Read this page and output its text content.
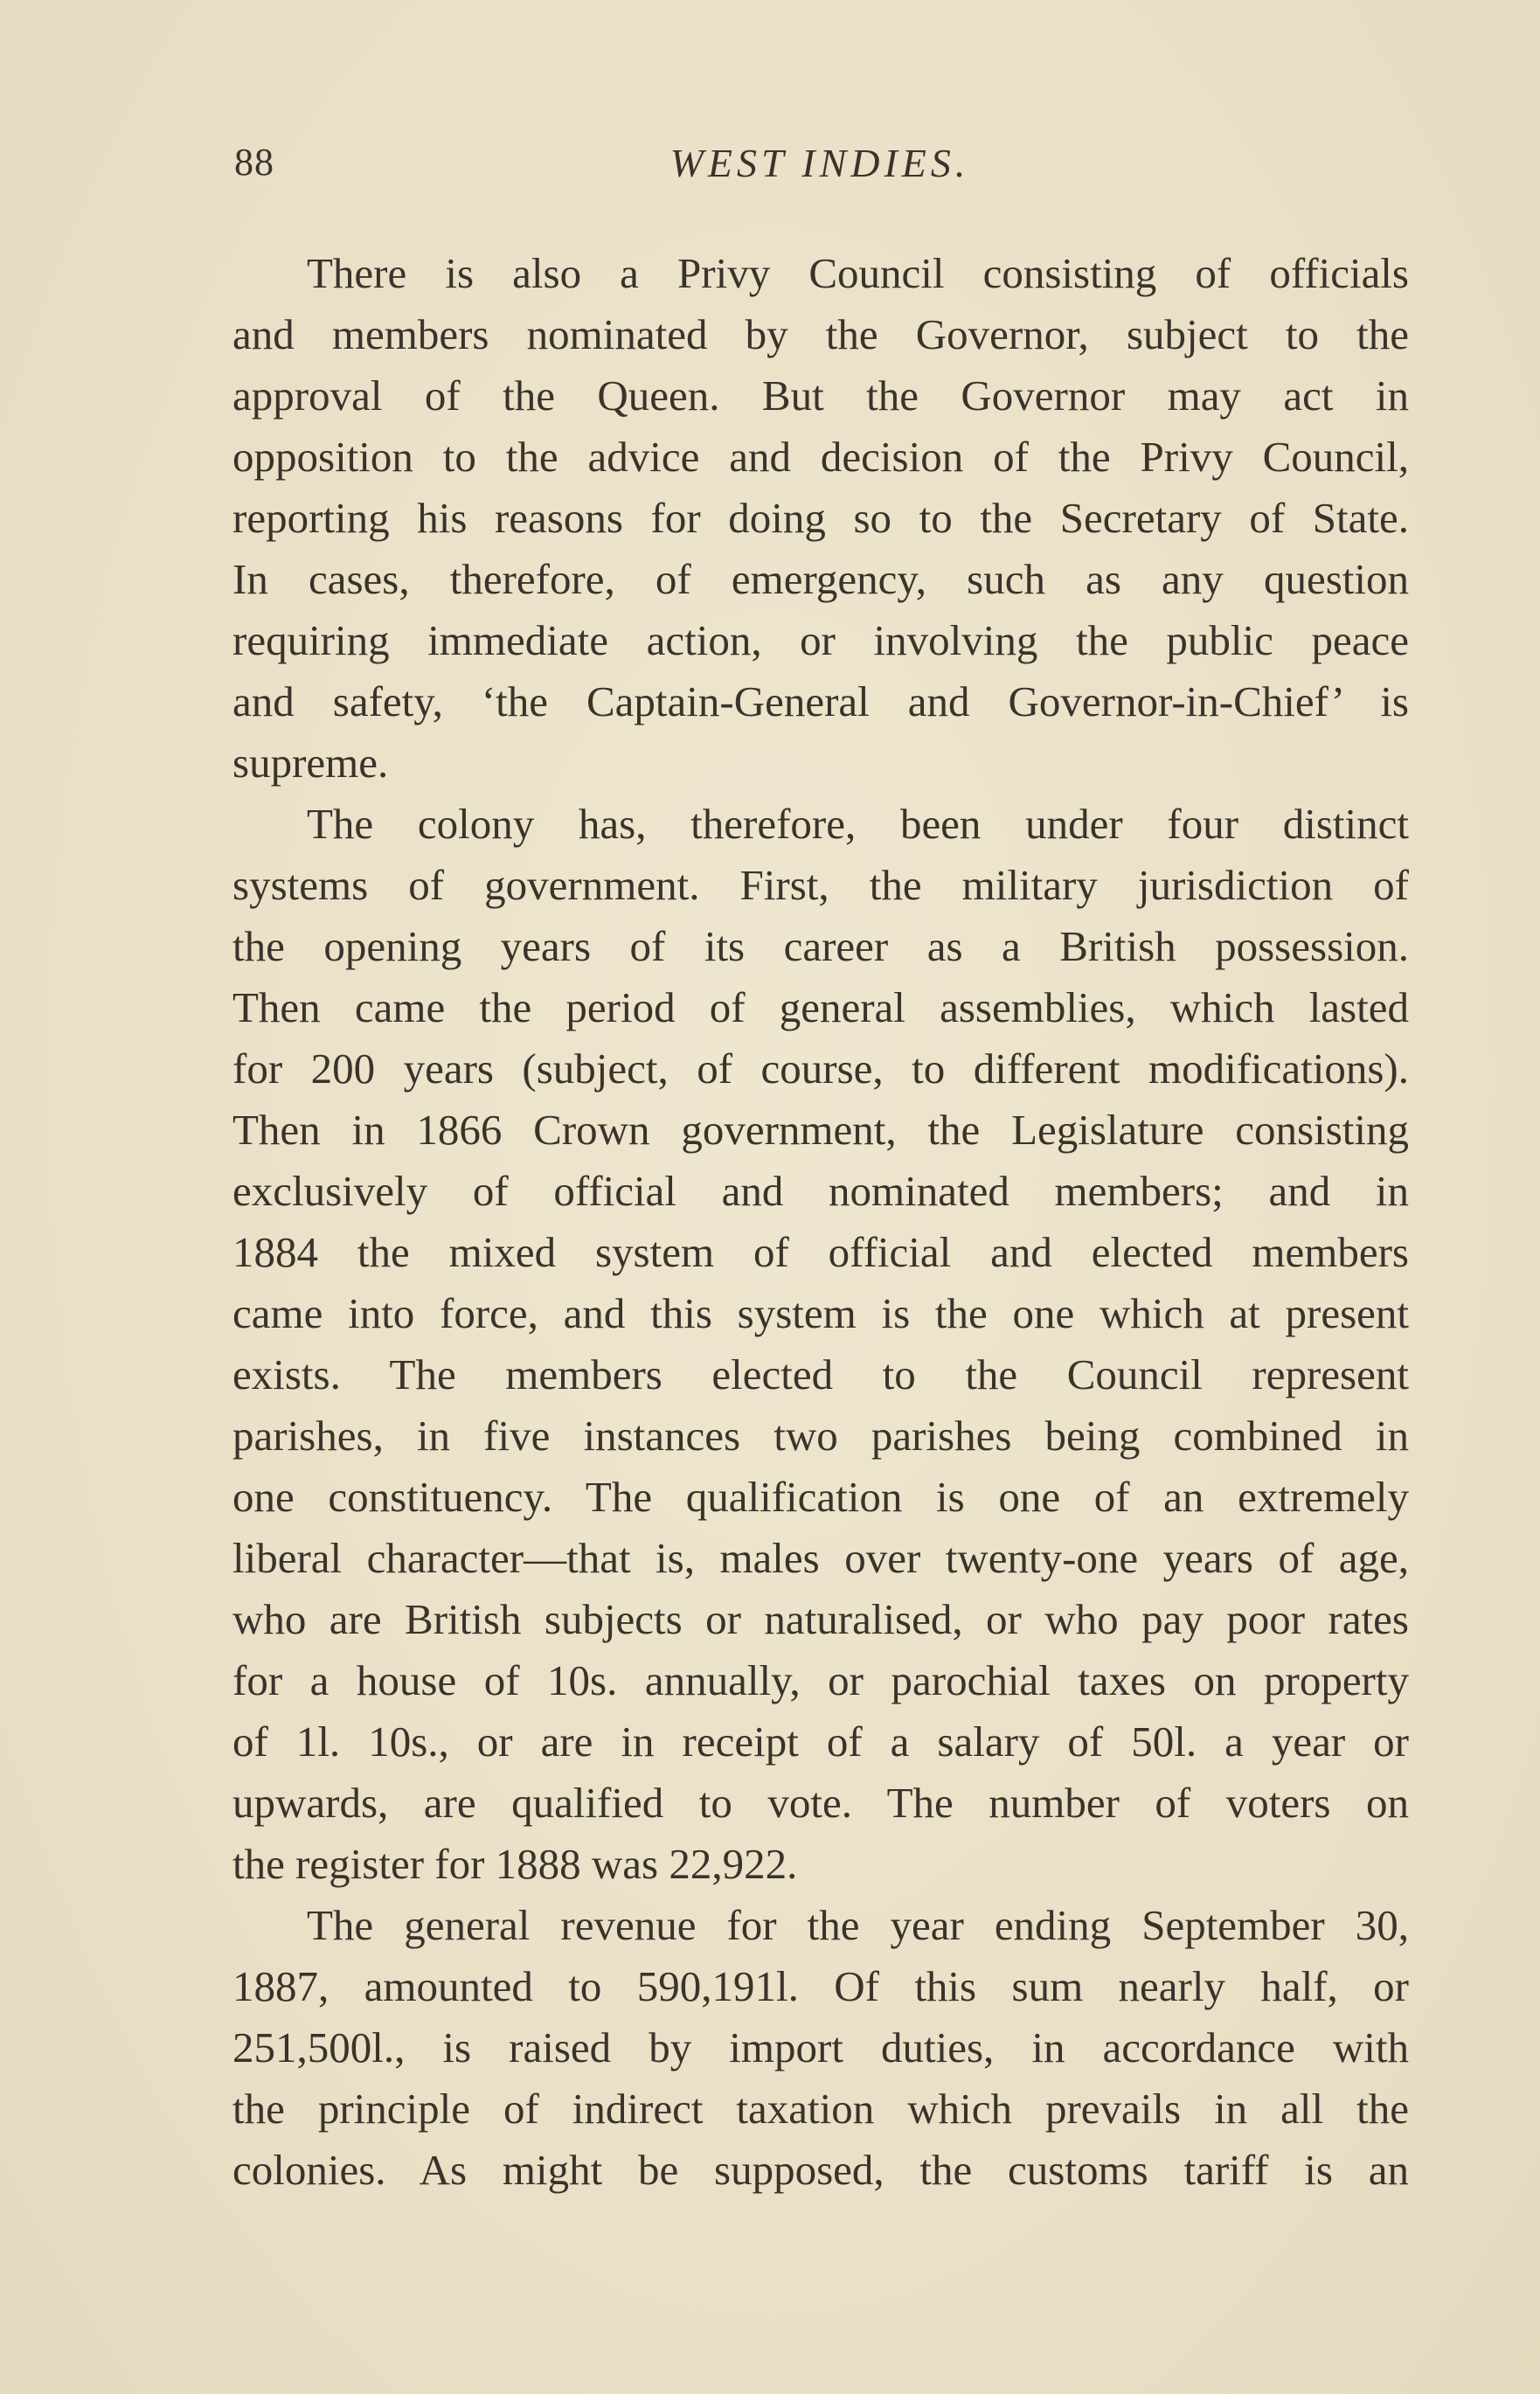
88	WEST INDIES.
There is also a Privy Council consisting of officials
and members nominated by the Governor, subject to the
approval of the Queen. But the Governor may act in
opposition to the advice and decision of the Privy Council,
reporting his reasons for doing so to the Secretary of State.
In cases, therefore, of emergency, such as any question
requiring immediate action, or involving the public peace
and safety, ‘the Captain-General and Governor-in-Chief’ is
supreme.
The colony has, therefore, been under four distinct
systems of government. First, the military jurisdiction of
the opening years of its career as a British possession.
Then came the period of general assemblies, which lasted
for 200 years (subject, of course, to different modifications).
Then in 1866 Crown government, the Legislature consisting
exclusively of official and nominated members; and in
1884 the mixed system of official and elected members
came into force, and this system is the one which at present
exists. The members elected to the Council represent
parishes, in five instances two parishes being combined in
one constituency. The qualification is one of an extremely
liberal character—that is, males over twenty-one years of age,
who are British subjects or naturalised, or who pay poor rates
for a house of 10s. annually, or parochial taxes on property
of 1l. 10s., or are in receipt of a salary of 50l. a year or
upwards, are qualified to vote. The number of voters on
the register for 1888 was 22,922.
The general revenue for the year ending September 30,
1887, amounted to 590,191l. Of this sum nearly half, or
251,500l., is raised by import duties, in accordance with
the principle of indirect taxation which prevails in all the
colonies. As might be supposed, the customs tariff is an
